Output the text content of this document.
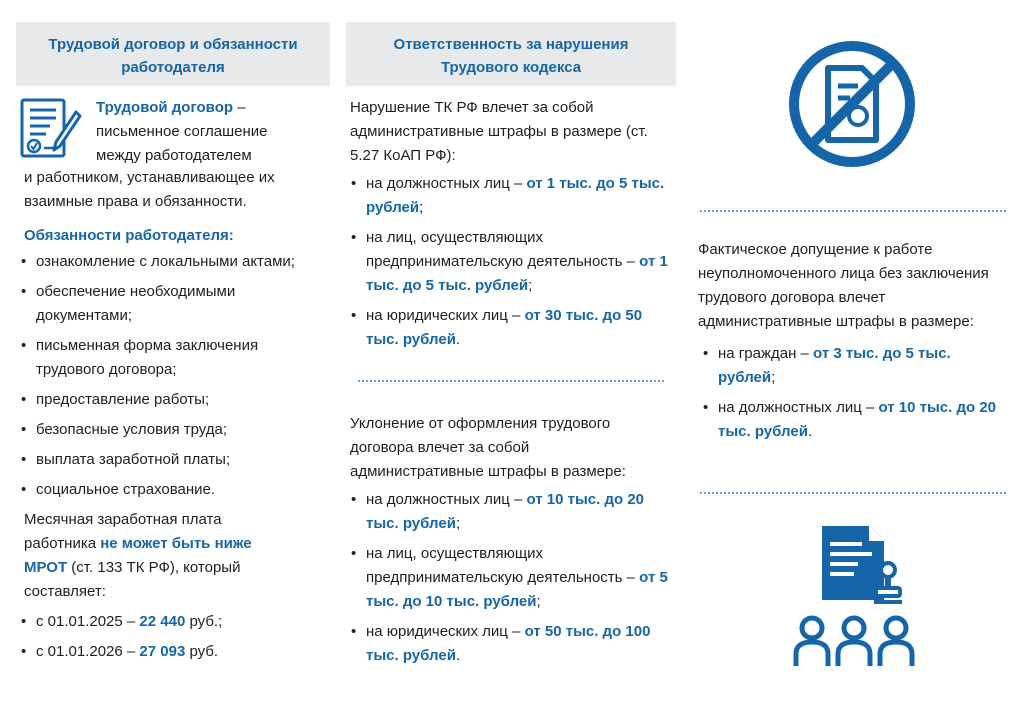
Трудовой договор и обязанности
работодателя
Трудовой договор –
письменное соглашение
между работодателем
и работником, устанавливающее их взаимные права и обязанности.
Обязанности работодателя:
• ознакомление с локальными актами;
• обеспечение необходимыми документами;
• письменная форма заключения трудового договора;
• предоставление работы;
• безопасные условия труда;
• выплата заработной платы;
• социальное страхование.
Месячная заработная плата работника не может быть ниже МРОТ (ст. 133 ТК РФ), который составляет:
• с 01.01.2025 – 22 440 руб.;
• с 01.01.2026 – 27 093 руб.
Ответственность за нарушения
Трудового кодекса
Нарушение ТК РФ влечет за собой административные штрафы в размере (ст. 5.27 КоАП РФ):
• на должностных лиц – от 1 тыс. до 5 тыс. рублей;
• на лиц, осуществляющих предпринимательскую деятельность – от 1 тыс. до 5 тыс. рублей;
• на юридических лиц – от 30 тыс. до 50 тыс. рублей.
Уклонение от оформления трудового договора влечет за собой административные штрафы в размере:
• на должностных лиц – от 10 тыс. до 20 тыс. рублей;
• на лиц, осуществляющих предпринимательскую деятельность – от 5 тыс. до 10 тыс. рублей;
• на юридических лиц – от 50 тыс. до 100 тыс. рублей.
Фактическое допущение к работе неуполномоченного лица без заключения трудового договора влечет административные штрафы в размере:
• на граждан – от 3 тыс. до 5 тыс. рублей;
• на должностных лиц – от 10 тыс. до 20 тыс. рублей.
